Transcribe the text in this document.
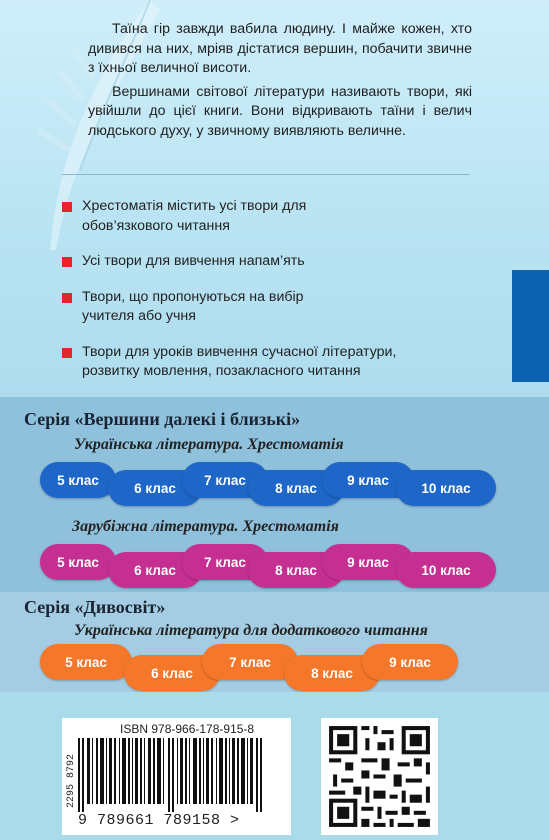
Таїна гір завжди вабила людину. І майже кожен, хто дивився на них, мріяв дістатися вершин, побачити звичне з їхньої величної висоти.

Вершинами світової літератури називають твори, які увійшли до цієї книги. Вони відкривають таїни і велич людського духу, у звичному виявляють величне.

Хрестоматія містить усі твори для обов’язкового читання
Усі твори для вивчення напам’ять
Твори, що пропонуються на вибір учителя або учня
Твори для уроків вивчення сучасної літератури, розвитку мовлення, позакласного читання
Серія «Вершини далекі і близькі»
Українська література. Хрестоматія
5 клас
6 клас
7 клас
8 клас
9 клас
10 клас
Зарубіжна література. Хрестоматія
5 клас
6 клас
7 клас
8 клас
9 клас
10 клас
Серія «Дивосвіт»
Українська література для додаткового читання
5 клас
6 клас
7 клас
8 клас
9 клас
ISBN 978-966-178-915-8
2295 8792
9 789661 789158 >
